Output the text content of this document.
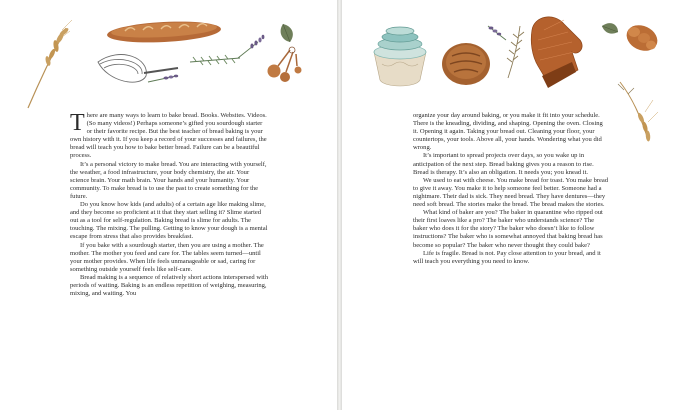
There are many ways to learn to bake bread. Books. Websites. Videos. (So many videos!) Perhaps someone’s gifted you sourdough starter or their favorite recipe. But the best teacher of bread baking is your own history with it. If you keep a record of your successes and failures, the bread will teach you how to bake better bread. Failure can be a beautiful process.

It’s a personal victory to make bread. You are interacting with yourself, the weather, a food infrastructure, your body chemistry, the air. Your science brain. Your math brain. Your hands and your humanity. Your community. To make bread is to use the past to create something for the future.

Do you know how kids (and adults) of a certain age like making slime, and they become so proficient at it that they start selling it? Slime started out as a tool for self-regulation. Baking bread is slime for adults. The touching. The mixing. The pulling. Getting to know your dough is a mental escape from stress that also provides breakfast.

If you bake with a sourdough starter, then you are using a mother. The mother. The mother you feed and care for. The tables seem turned—until your mother provides. When life feels unmanageable or sad, caring for something outside yourself feels like self-care.

Bread making is a sequence of relatively short actions interspersed with periods of waiting. Baking is an endless repetition of weighing, measuring, mixing, and waiting. You

organize your day around baking, or you make it fit into your schedule. There is the kneading, dividing, and shaping. Opening the oven. Closing it. Opening it again. Taking your bread out. Cleaning your floor, your countertops, your tools. Above all, your hands. Wondering what you did wrong.

It’s important to spread projects over days, so you wake up in anticipation of the next step. Bread baking gives you a reason to rise. Bread is therapy. It’s also an obligation. It needs you; you knead it.

We used to eat with cheese. You make bread for toast. You make bread to give it away. You make it to help someone feel better. Someone had a nightmare. Their dad is sick. They need bread. They have dentures—they need soft bread. The stories make the bread. The bread makes the stories.

What kind of baker are you? The baker in quarantine who ripped out their first loaves like a pro? The baker who understands science? The baker who does it for the story? The baker who doesn’t like to follow instructions? The baker who is somewhat annoyed that baking bread has become so popular? The baker who never thought they could bake?

Life is fragile. Bread is not. Pay close attention to your bread, and it will teach you everything you need to know.
